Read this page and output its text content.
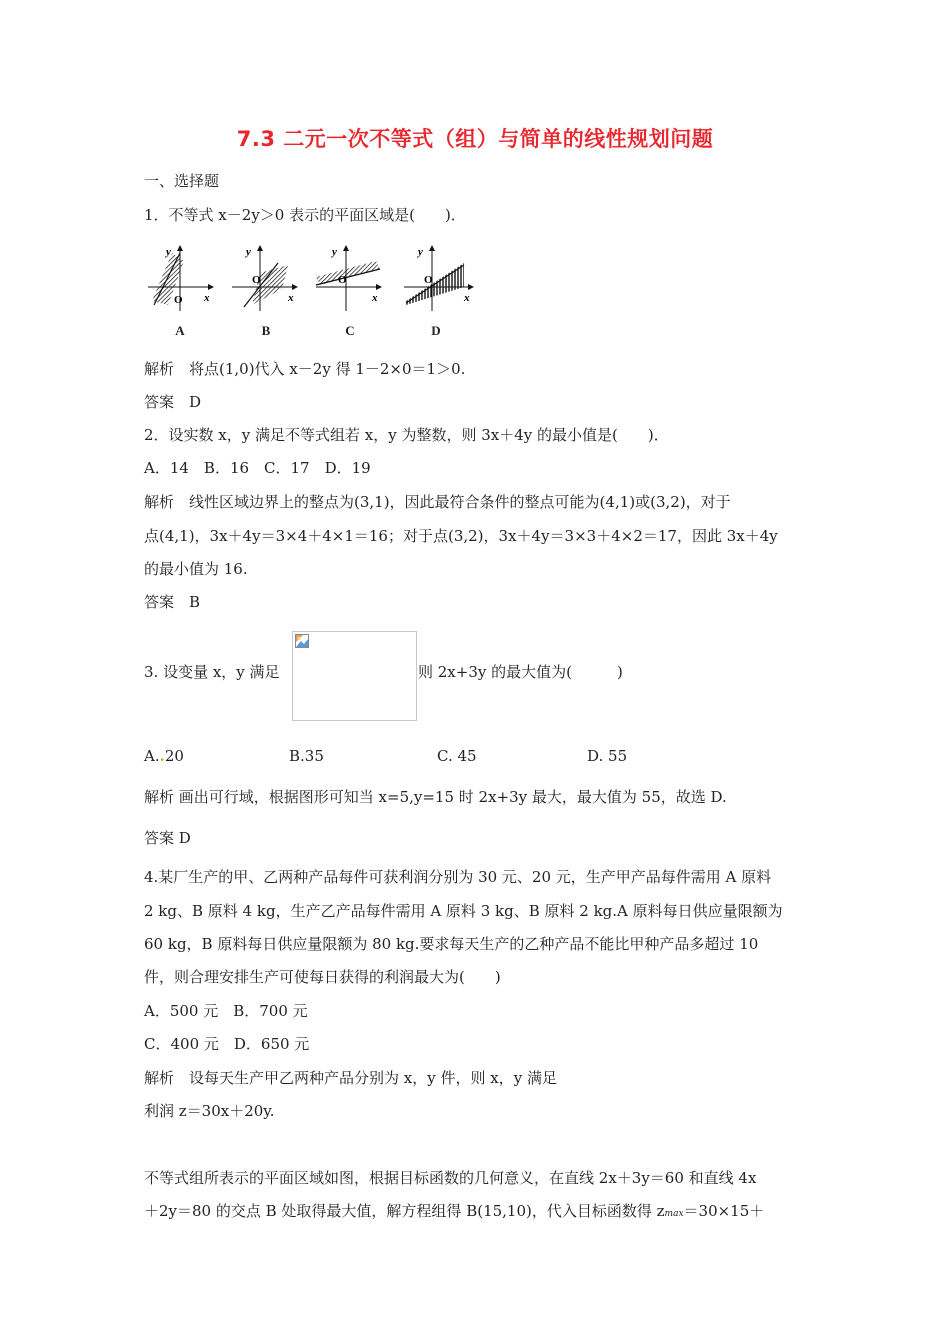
7.3 二元一次不等式（组）与简单的线性规划问题
一、选择题
1．不等式 x－2y＞0 表示的平面区域是(　　)．
x
y
O
A
x
y
O
B
x
y
O
C
x
y
O
D
解析　将点(1,0)代入 x－2y 得 1－2×0＝1＞0.
答案　D
2．设实数 x，y 满足不等式组若 x，y 为整数，则 3x＋4y 的最小值是(　　)．
A．14　B．16　C．17　D．19
解析　线性区域边界上的整点为(3,1)，因此最符合条件的整点可能为(4,1)或(3,2)，对于
点(4,1)，3x＋4y＝3×4＋4×1＝16；对于点(3,2)，3x＋4y＝3×3＋4×2＝17，因此 3x＋4y
的最小值为 16.
答案　B
3. 设变量 x，y 满足	则 2x+3y 的最大值为(　　　)
A..20	B.35	C. 45	D. 55
解析 画出可行域，根据图形可知当 x=5,y=15 时 2x+3y 最大，最大值为 55，故选 D.
答案 D
4.某厂生产的甲、乙两种产品每件可获利润分别为 30 元、20 元，生产甲产品每件需用 A 原料
2 kg、B 原料 4 kg，生产乙产品每件需用 A 原料 3 kg、B 原料 2 kg.A 原料每日供应量限额为
60 kg，B 原料每日供应量限额为 80 kg.要求每天生产的乙种产品不能比甲种产品多超过 10
件，则合理安排生产可使每日获得的利润最大为(　　)
A．500 元　B．700 元
C．400 元　D．650 元
解析　设每天生产甲乙两种产品分别为 x，y 件，则 x，y 满足
利润 z＝30x＋20y.
不等式组所表示的平面区域如图，根据目标函数的几何意义，在直线 2x＋3y＝60 和直线 4x
＋2y＝80 的交点 B 处取得最大值，解方程组得 B(15,10)，代入目标函数得 zmax＝30×15＋
